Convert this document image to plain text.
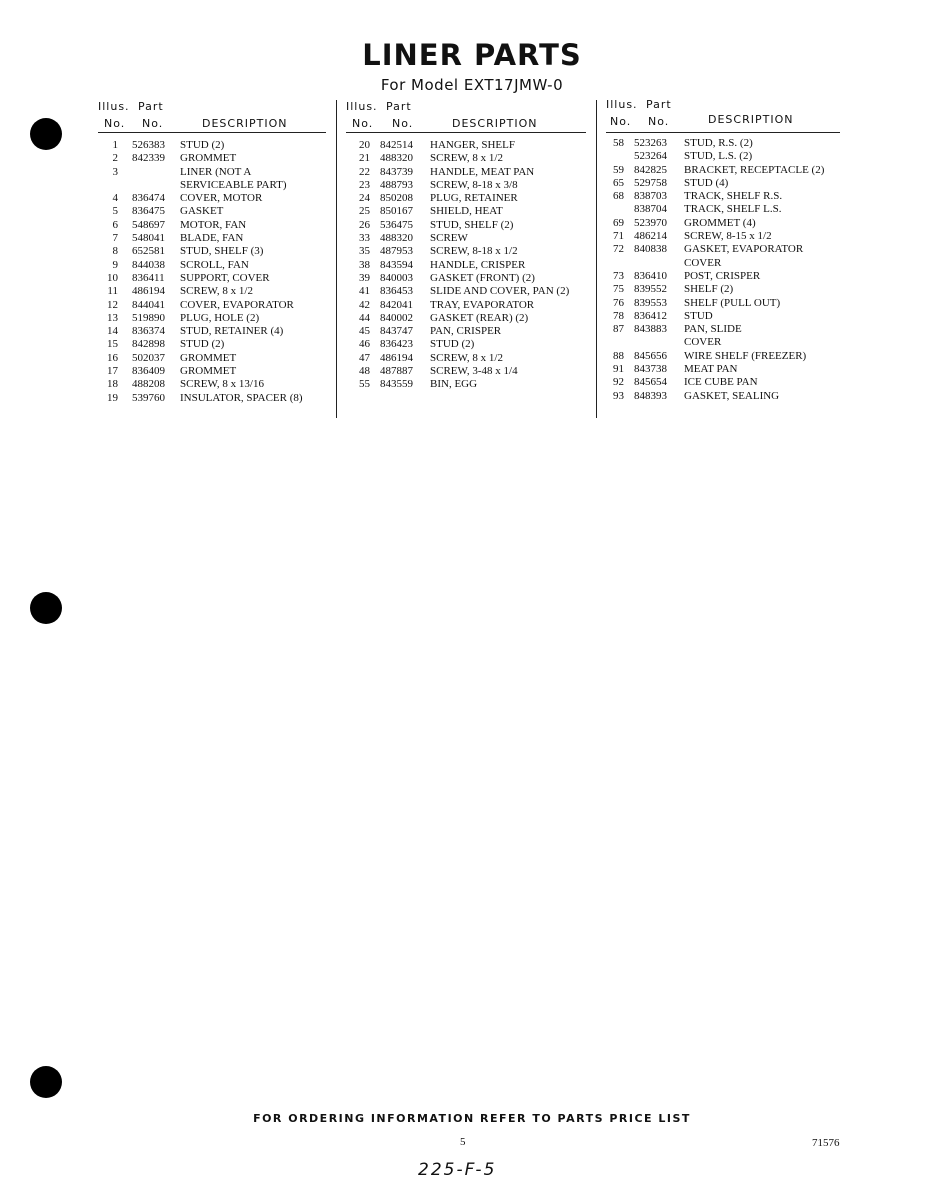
LINER PARTS
For Model EXT17JMW-0
Illus. Part
No. No.	DESCRIPTION
1 526383 STUD (2)
2 842339 GROMMET
3	LINER (NOT A
SERVICEABLE PART)
4 836474 COVER, MOTOR
5 836475 GASKET
6 548697 MOTOR, FAN
7 548041 BLADE, FAN
8 652581 STUD, SHELF (3)
9 844038 SCROLL, FAN
10 836411 SUPPORT, COVER
11 486194 SCREW, 8 x 1/2
12 844041 COVER, EVAPORATOR
13 519890 PLUG, HOLE (2)
14 836374 STUD, RETAINER (4)
15 842898 STUD (2)
16 502037 GROMMET
17 836409 GROMMET
18 488208 SCREW, 8 x 13/16
19 539760 INSULATOR, SPACER (8)
Illus. Part
No. No.	DESCRIPTION
20 842514 HANGER, SHELF
21 488320 SCREW, 8 x 1/2
22 843739 HANDLE, MEAT PAN
23 488793 SCREW, 8-18 x 3/8
24 850208 PLUG, RETAINER
25 850167 SHIELD, HEAT
26 536475 STUD, SHELF (2)
33 488320 SCREW
35 487953 SCREW, 8-18 x 1/2
38 843594 HANDLE, CRISPER
39 840003 GASKET (FRONT) (2)
41 836453 SLIDE AND COVER, PAN (2)
42 842041 TRAY, EVAPORATOR
44 840002 GASKET (REAR) (2)
45 843747 PAN, CRISPER
46 836423 STUD (2)
47 486194 SCREW, 8 x 1/2
48 487887 SCREW, 3-48 x 1/4
55 843559 BIN, EGG
Illus. Part
No. No.	DESCRIPTION
58 523263 STUD, R.S. (2)
523264 STUD, L.S. (2)
59 842825 BRACKET, RECEPTACLE (2)
65 529758 STUD (4)
68 838703 TRACK, SHELF R.S.
838704 TRACK, SHELF L.S.
69 523970 GROMMET (4)
71 486214 SCREW, 8-15 x 1/2
72 840838 GASKET, EVAPORATOR
COVER
73 836410 POST, CRISPER
75 839552 SHELF (2)
76 839553 SHELF (PULL OUT)
78 836412 STUD
87 843883 PAN, SLIDE
COVER
88 845656 WIRE SHELF (FREEZER)
91 843738 MEAT PAN
92 845654 ICE CUBE PAN
93 848393 GASKET, SEALING
FOR ORDERING INFORMATION REFER TO PARTS PRICE LIST
5	71576
225-F-5
